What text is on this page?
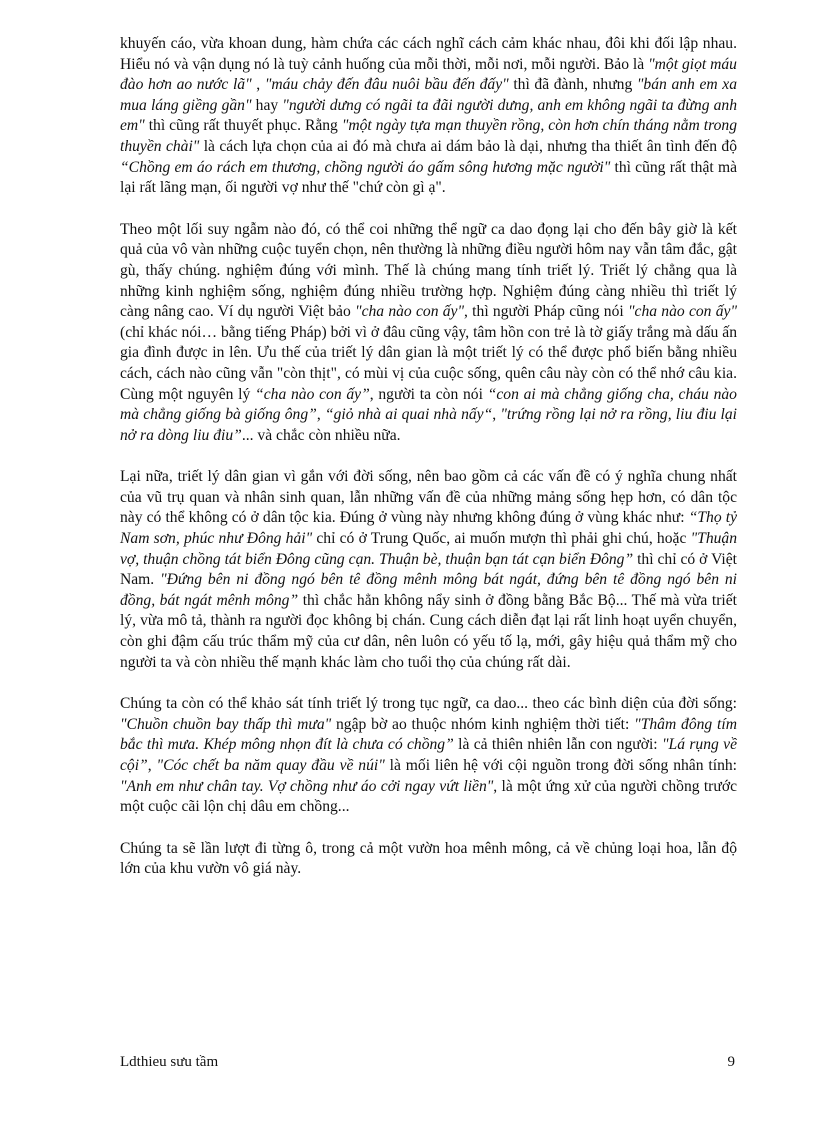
khuyến cáo, vừa khoan dung, hàm chứa các cách nghĩ cách cảm khác nhau, đôi khi đối lập nhau. Hiểu nó và vận dụng nó là tuỳ cảnh huống của mỗi thời, mỗi nơi, mỗi người. Bảo là "một giọt máu đào hơn ao nước lã" , "máu chảy đến đâu nuôi bầu đến đấy" thì đã đành, nhưng "bán anh em xa mua láng giềng gần" hay "người dưng có ngãi ta đãi người dưng, anh em không ngãi ta đừng anh em" thì cũng rất thuyết phục. Rằng "một ngày tựa mạn thuyền rồng, còn hơn chín tháng nằm trong thuyền chài" là cách lựa chọn của ai đó mà chưa ai dám bảo là dại, nhưng tha thiết ân tình đến độ “Chồng em áo rách em thương, chồng người áo gấm sông hương mặc người" thì cũng rất thật mà lại rất lãng mạn, ối người vợ như thế "chứ còn gì ạ".

Theo một lối suy ngẫm nào đó, có thể coi những thể ngữ ca dao đọng lại cho đến bây giờ là kết quả của vô vàn những cuộc tuyển chọn, nên thường là những điều người hôm nay vẫn tâm đắc, gật gù, thấy chúng. nghiệm đúng với mình. Thế là chúng mang tính triết lý. Triết lý chẳng qua là những kinh nghiệm sống, nghiệm đúng nhiều trường hợp. Nghiệm đúng càng nhiều thì triết lý càng nâng cao. Ví dụ người Việt bảo "cha nào con ấy", thì người Pháp cũng nói "cha nào con ấy" (chỉ khác nói… bằng tiếng Pháp) bởi vì ở đâu cũng vậy, tâm hồn con trẻ là tờ giấy trắng mà dấu ấn gia đình được in lên. Ưu thế của triết lý dân gian là một triết lý có thể được phổ biến bằng nhiều cách, cách nào cũng vẫn "còn thịt", có mùi vị của cuộc sống, quên câu này còn có thể nhớ câu kia. Cùng một nguyên lý “cha nào con ấy”, người ta còn nói “con ai mà chẳng giống cha, cháu nào mà chẳng giống bà giống ông”, “giỏ nhà ai quai nhà nấy“, "trứng rồng lại nở ra rồng, liu điu lại nở ra dòng liu điu”... và chắc còn nhiều nữa.

Lại nữa, triết lý dân gian vì gắn với đời sống, nên bao gồm cả các vấn đề có ý nghĩa chung nhất của vũ trụ quan và nhân sinh quan, lẫn những vấn đề của những mảng sống hẹp hơn, có dân tộc này có thể không có ở dân tộc kia. Đúng ở vùng này nhưng không đúng ở vùng khác như: “Thọ tỷ Nam sơn, phúc như Đông hải" chỉ có ở Trung Quốc, ai muốn mượn thì phải ghi chú, hoặc "Thuận vợ, thuận chồng tát biển Đông cũng cạn. Thuận bè, thuận bạn tát cạn biển Đông” thì chỉ có ở Việt Nam. "Đứng bên ni đồng ngó bên tê đồng mênh mông bát ngát, đứng bên tê đồng ngó bên ni đồng, bát ngát mênh mông” thì chắc hẳn không nẩy sinh ở đồng bằng Bắc Bộ... Thế mà vừa triết lý, vừa mô tả, thành ra người đọc không bị chán. Cung cách diễn đạt lại rất linh hoạt uyển chuyển, còn ghi đậm cấu trúc thẩm mỹ của cư dân, nên luôn có yếu tố lạ, mới, gây hiệu quả thẩm mỹ cho người ta và còn nhiều thế mạnh khác làm cho tuổi thọ của chúng rất dài.

Chúng ta còn có thể khảo sát tính triết lý trong tục ngữ, ca dao... theo các bình diện của đời sống: "Chuồn chuồn bay thấp thì mưa" ngập bờ ao thuộc nhóm kinh nghiệm thời tiết: "Thâm đông tím bắc thì mưa. Khép mông nhọn đít là chưa có chồng” là cả thiên nhiên lẫn con người: "Lá rụng về cội”, "Cóc chết ba năm quay đầu về núi" là mối liên hệ với cội nguồn trong đời sống nhân tính: "Anh em như chân tay. Vợ chồng như áo cởi ngay vứt liền", là một ứng xử của người chồng trước một cuộc cãi lộn chị dâu em chồng...

Chúng ta sẽ lần lượt đi từng ô, trong cả một vườn hoa mênh mông, cả về chủng loại hoa, lẫn độ lớn của khu vườn vô giá này.

Ldthieu sưu tầm	9
